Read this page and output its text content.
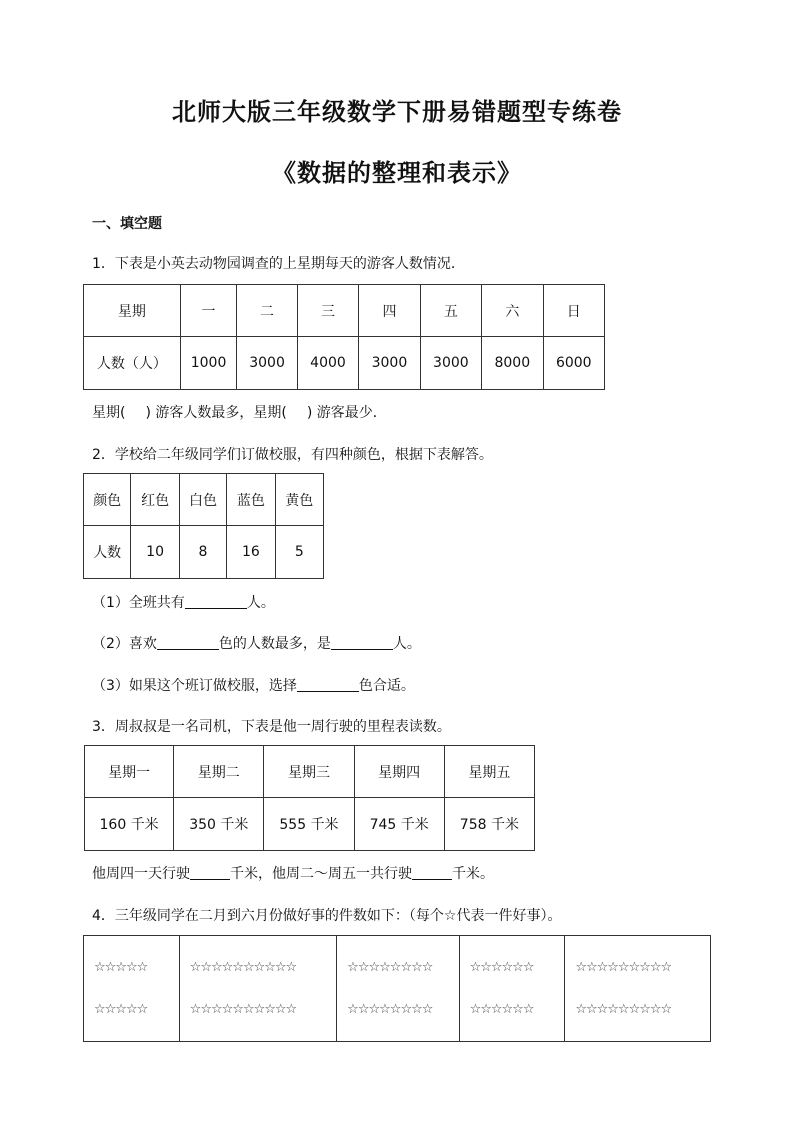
北师大版三年级数学下册易错题型专练卷
《数据的整理和表示》
一、填空题
1．下表是小英去动物园调查的上星期每天的游客人数情况．
星期	一	二	三	四	五	六	日
人数（人）	1000	3000	4000	3000	3000	8000	6000
星期( ) 游客人数最多，星期( ) 游客最少．
2．学校给二年级同学们订做校服，有四种颜色，根据下表解答。
颜色	红色	白色	蓝色	黄色
人数	10	8	16	5
（1）全班共有	人。
（2）喜欢	色的人数最多，是	人。
（3）如果这个班订做校服，选择	色合适。
3．周叔叔是一名司机，下表是他一周行驶的里程表读数。
星期一	星期二	星期三	星期四	星期五
160 千米	350 千米	555 千米	745 千米	758 千米
他周四一天行驶	千米，他周二～周五一共行驶	千米。
4．三年级同学在二月到六月份做好事的件数如下：（每个☆代表一件好事）。
☆☆☆☆☆
☆☆☆☆☆

☆☆☆☆☆☆☆☆☆☆
☆☆☆☆☆☆☆☆☆☆

☆☆☆☆☆☆☆☆
☆☆☆☆☆☆☆☆

☆☆☆☆☆☆
☆☆☆☆☆☆

☆☆☆☆☆☆☆☆☆
☆☆☆☆☆☆☆☆☆
